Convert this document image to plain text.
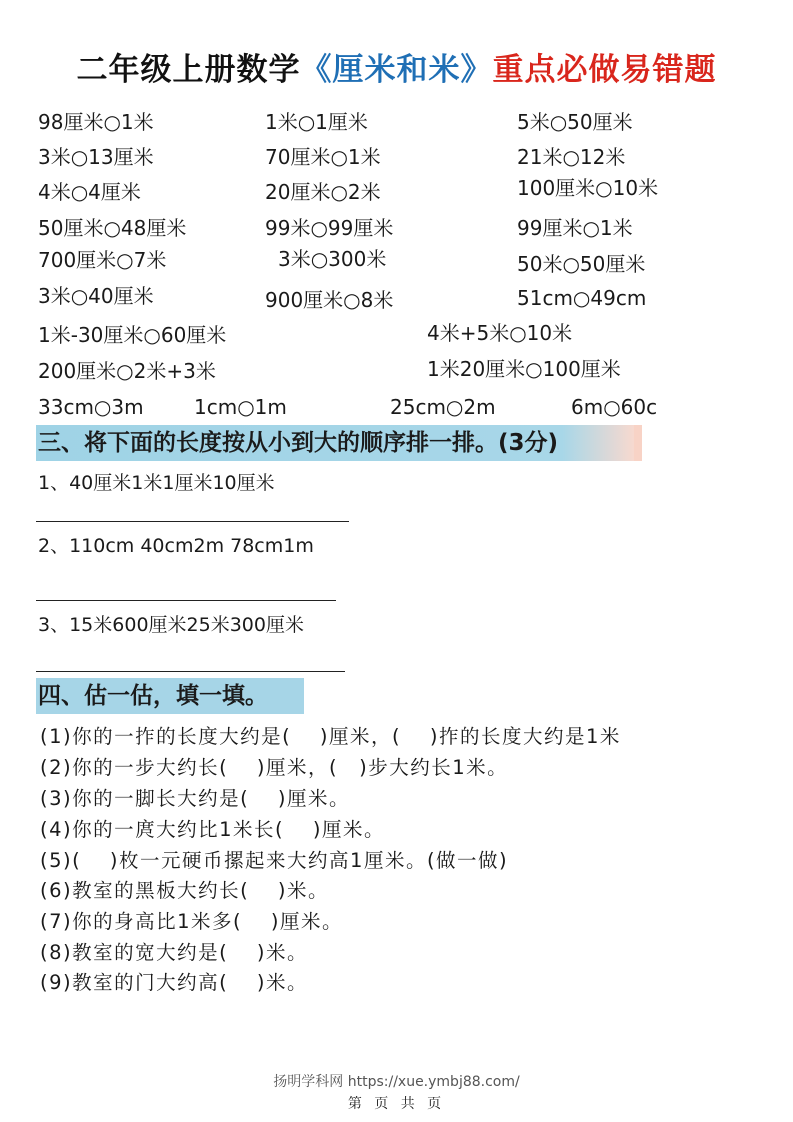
二年级上册数学《厘米和米》重点必做易错题
98厘米○1米	1米○1厘米	5米○50厘米
3米○13厘米	70厘米○1米	21米○12米
4米○4厘米	20厘米○2米	100厘米○10米
50厘米○48厘米	99米○99厘米	99厘米○1米
700厘米○7米	3米○300米	50米○50厘米
3米○40厘米	900厘米○8米	51cm○49cm
1米-30厘米○60厘米	4米+5米○10米
200厘米○2米+3米	1米20厘米○100厘米
33cm○3m	1cm○1m	25cm○2m	6m○60c
三、将下面的长度按从小到大的顺序排一排。(3分)
1、40厘米1米1厘米10厘米
2、110cm 40cm2m 78cm1m
3、15米600厘米25米300厘米
四、估一估，填一填。
(1)你的一拃的长度大约是(　 )厘米，(　 )拃的长度大约是1米
(2)你的一步大约长(　 )厘米，(　)步大约长1米。
(3)你的一脚长大约是(　 )厘米。
(4)你的一庹大约比1米长(　 )厘米。
(5)(　 )枚一元硬币摞起来大约高1厘米。(做一做)
(6)教室的黑板大约长(　 )米。
(7)你的身高比1米多(　 )厘米。
(8)教室的宽大约是(　 )米。
(9)教室的门大约高(　 )米。
扬明学科网 https://xue.ymbj88.com/
第 页 共 页
